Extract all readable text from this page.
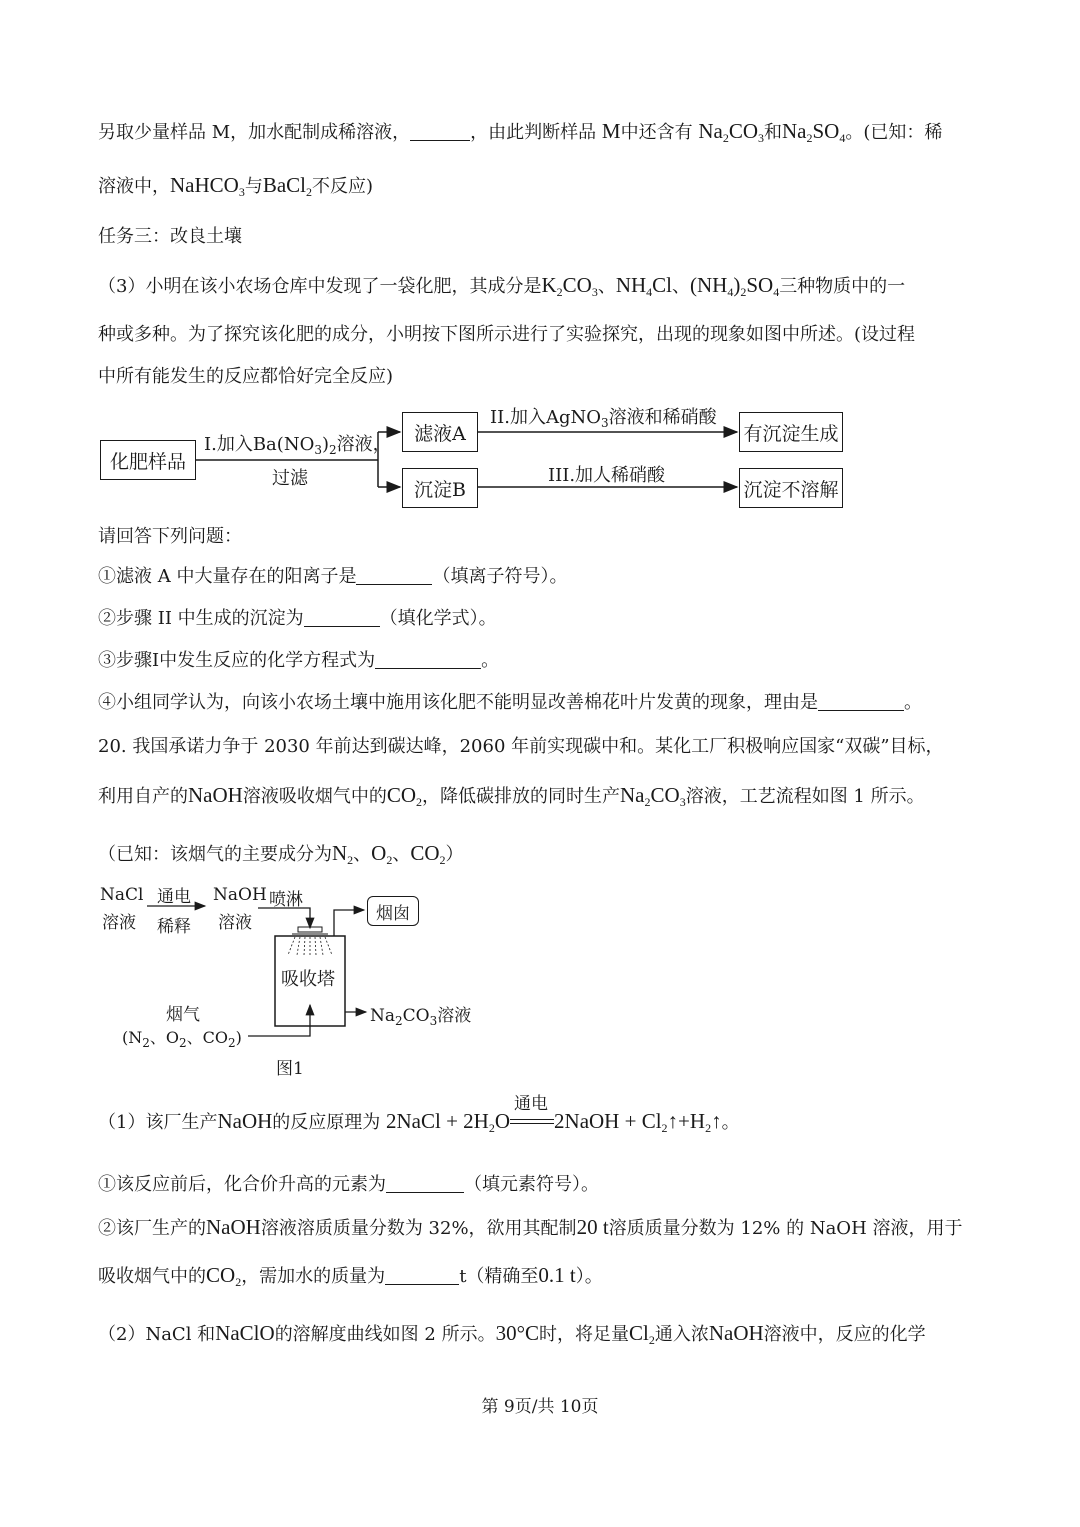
另取少量样品 M，加水配制成稀溶液，	，由此判断样品 M中还含有 $Na_2CO_3$和$Na_2SO_4$。(已知：稀
溶液中，NaHCO$_3$与BaCl$_2$不反应)
任务三：改良土壤
（3）小明在该小农场仓库中发现了一袋化肥，其成分是$K_2CO_3$、$NH_4Cl$、$(NH_4)_2SO_4$三种物质中的一
种或多种。为了探究该化肥的成分，小明按下图所示进行了实验探究，出现的现象如图中所述。(设过程
中所有能发生的反应都恰好完全反应)
化肥样品
I.加入$Ba(NO_3)_2$溶液，
过滤
滤液A
沉淀B
II.加入AgNO$_3$溶液和稀硝酸
III.加人稀硝酸
有沉淀生成
沉淀不溶解
请回答下列问题：
①滤液 A 中大量存在的阳离子是	（填离子符号）。
②步骤 II 中生成的沉淀为	（填化学式）。
③步骤Ⅰ中发生反应的化学方程式为	。
④小组同学认为，向该小农场土壤中施用该化肥不能明显改善棉花叶片发黄的现象，理由是	。
20. 我国承诺力争于 2030 年前达到碳达峰，2060 年前实现碳中和。某化工厂积极响应国家“双碳”目标，
利用自产的NaOH溶液吸收烟气中的$CO_2$，降低碳排放的同时生产$Na_2CO_3$溶液，工艺流程如图 1 所示。
（已知：该烟气的主要成分为$N_2$、$O_2$、$CO_2$）
NaCl
溶液
通电
稀释
NaOH
溶液
喷淋
烟囱
吸收塔
烟气
($N_2$、$O_2$、$CO_2$)
$Na_2CO_3$溶液
图1
（1）该厂生产NaOH的反应原理为 2NaCl + $2H_2O$
通电
2NaOH + $Cl_2↑+H_2↑$。
①该反应前后，化合价升高的元素为	（填元素符号）。
②该厂生产的NaOH溶液溶质质量分数为 32%，欲用其配制20 t溶质质量分数为 12% 的 NaOH 溶液，用于
吸收烟气中的$CO_2$，需加水的质量为	t（精确至0.1 t）。
（2）NaCl 和NaClO的溶解度曲线如图 2 所示。30°C时，将足量$Cl_2$通入浓NaOH溶液中，反应的化学
第 9页/共 10页
